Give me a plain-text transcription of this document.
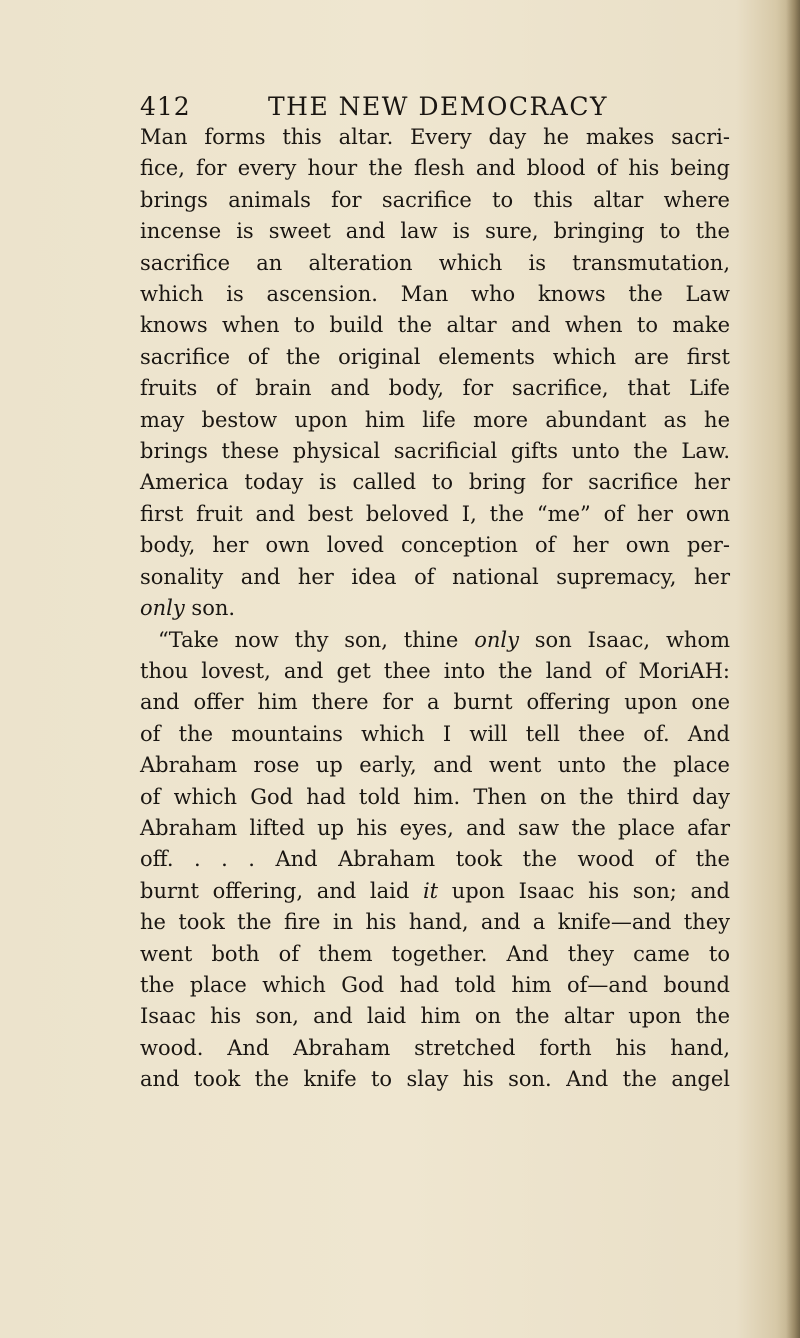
412	THE NEW DEMOCRACY
Man forms this altar. Every day he makes sacri-
fice, for every hour the flesh and blood of his being
brings animals for sacrifice to this altar where
incense is sweet and law is sure, bringing to the
sacrifice an alteration which is transmutation,
which is ascension. Man who knows the Law
knows when to build the altar and when to make
sacrifice of the original elements which are first
fruits of brain and body, for sacrifice, that Life
may bestow upon him life more abundant as he
brings these physical sacrificial gifts unto the Law.
America today is called to bring for sacrifice her
first fruit and best beloved I, the “me” of her own
body, her own loved conception of her own per-
sonality and her idea of national supremacy, her
only son.
“Take now thy son, thine only son Isaac, whom
thou lovest, and get thee into the land of MoriAH:
and offer him there for a burnt offering upon one
of the mountains which I will tell thee of. And
Abraham rose up early, and went unto the place
of which God had told him. Then on the third day
Abraham lifted up his eyes, and saw the place afar
off. . . . And Abraham took the wood of the
burnt offering, and laid it upon Isaac his son; and
he took the fire in his hand, and a knife—and they
went both of them together. And they came to
the place which God had told him of—and bound
Isaac his son, and laid him on the altar upon the
wood. And Abraham stretched forth his hand,
and took the knife to slay his son. And the angel
